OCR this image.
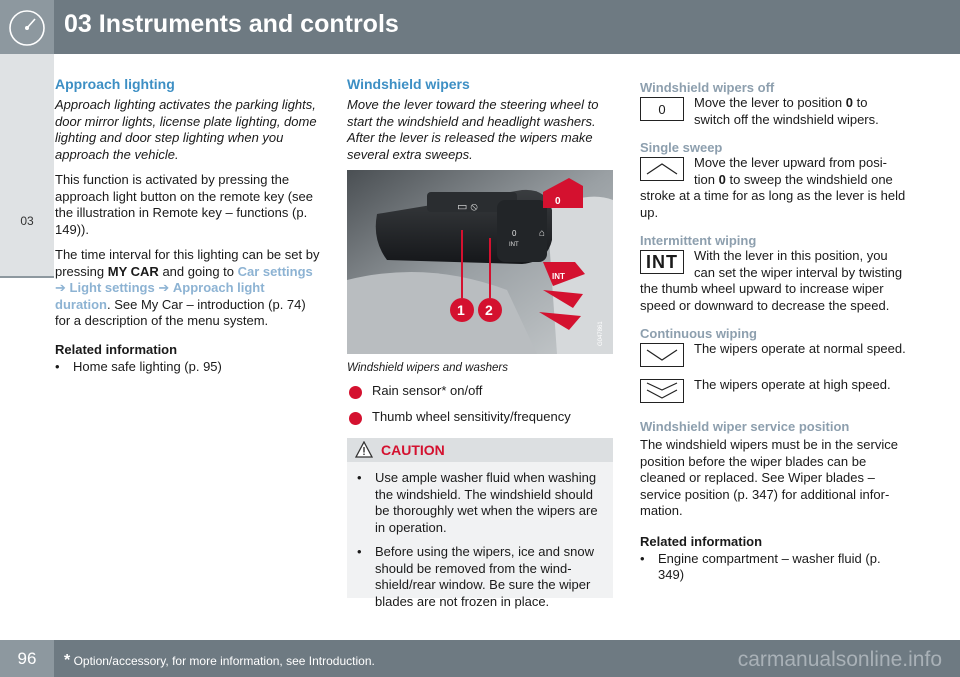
03 Instruments and controls
03
Approach lighting

Approach lighting activates the parking lights, door mirror lights, license plate lighting, dome lighting and door step lighting when you approach the vehicle.

This function is activated by pressing the approach light button on the remote key (see the illustration in Remote key – functions (p. 149)).

The time interval for this lighting can be set by pressing MY CAR and going to Car settings ➔ Light settings ➔ Approach light duration. See My Car – introduction (p. 74) for a description of the menu system.

Related information
•	Home safe lighting (p. 95)
Windshield wipers

Move the lever toward the steering wheel to start the windshield and headlight washers. After the lever is released the wipers make several extra sweeps.

▭ ⦸
0
INT
⌂
0
INT
1 2
G047861

Windshield wipers and washers

Rain sensor* on/off

Thumb wheel sensitivity/frequency

CAUTION
•	Use ample washer fluid when washing the windshield. The windshield should be thoroughly wet when the wipers are in operation.
•	Before using the wipers, ice and snow should be removed from the wind-shield/rear window. Be sure the wiper blades are not frozen in place.
Windshield wipers off
0	Move the lever to position 0 to switch off the windshield wipers.

Single sweep

Move the lever upward from posi-tion 0 to sweep the windshield one stroke at a time for as long as the lever is held up.

Intermittent wiping
INT	With the lever in this position, you can set the wiper interval by twisting the thumb wheel upward to increase wiper speed or downward to decrease the speed.

Continuous wiping

The wipers operate at normal speed.

The wipers operate at high speed.

Windshield wiper service position

The windshield wipers must be in the service position before the wiper blades can be cleaned or replaced. See Wiper blades – service position (p. 347) for additional infor-mation.

Related information
•	Engine compartment – washer fluid (p. 349)
96	* Option/accessory, for more information, see Introduction.	carmanualsonline.info
